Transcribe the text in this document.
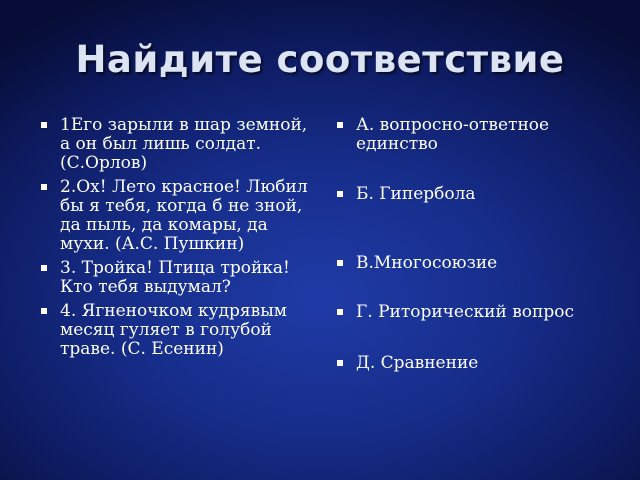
Найдите соответствие
1Его зарыли в шар земной, а он был лишь солдат. (С.Орлов)
2.Ох! Лето красное! Любил бы я тебя, когда б не зной, да пыль, да комары, да мухи. (А.С. Пушкин)
3. Тройка! Птица тройка! Кто тебя выдумал?
4. Ягненочком кудрявым месяц гуляет в голубой траве. (С. Есенин)
А. вопросно-ответное единство
Б. Гипербола
В.Многосоюзие
Г. Риторический вопрос
Д. Сравнение
